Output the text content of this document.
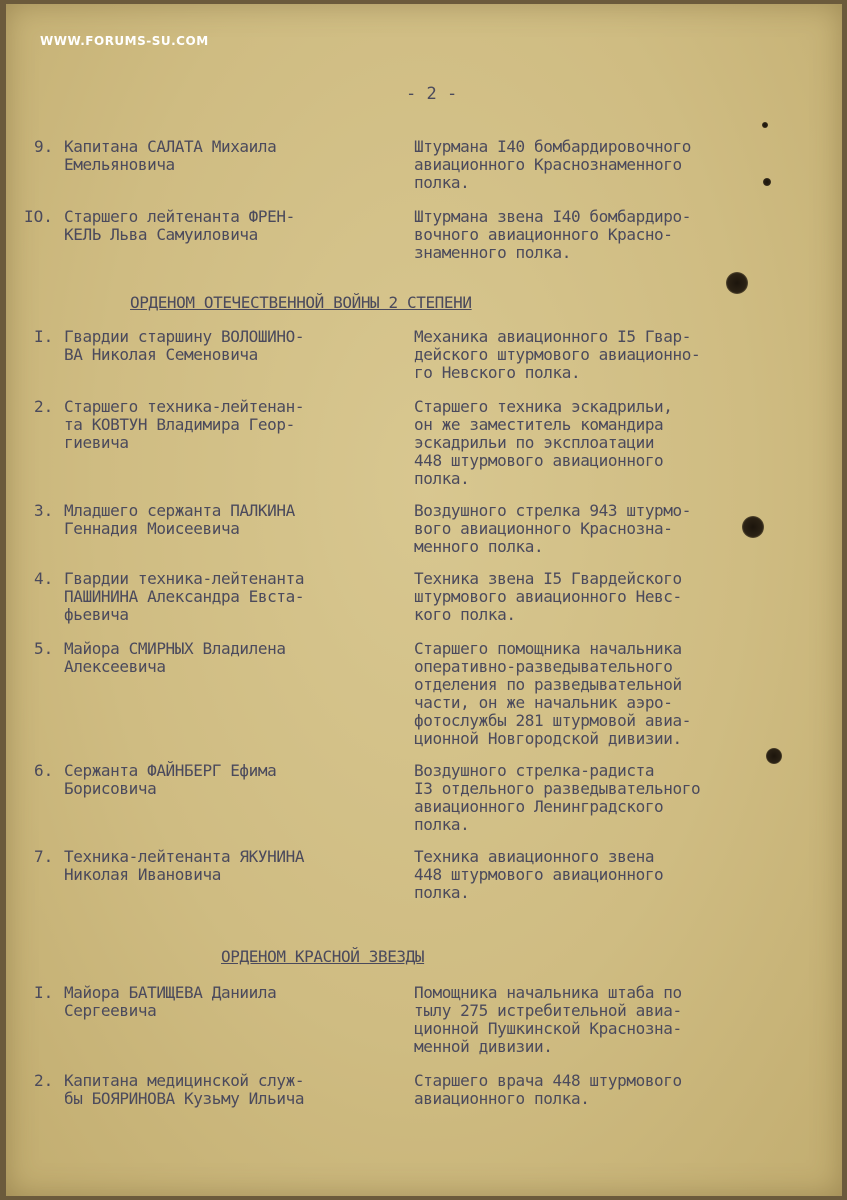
WWW.FORUMS-SU.COM
- 2 -
9. Капитана САЛАТА Михаила
Емельяновича
Штурмана I40 бомбардировочного
авиационного Краснознаменного
полка.
IO. Старшего лейтенанта ФРЕН-
КЕЛЬ Льва Самуиловича
Штурмана звена I40 бомбардиро-
вочного авиационного Красно-
знаменного полка.
ОРДЕНОМ ОТЕЧЕСТВЕННОЙ ВОЙНЫ 2 СТЕПЕНИ
I. Гвардии старшину ВОЛОШИНО-
ВА Николая Семеновича
Механика авиационного I5 Гвар-
дейского штурмового авиационно-
го Невского полка.
2. Старшего техника-лейтенан-
та КОВТУН Владимира Геор-
гиевича
Старшего техника эскадрильи,
он же заместитель командира
эскадрильи по эксплоатации
448 штурмового авиационного
полка.
3. Младшего сержанта ПАЛКИНА
Геннадия Моисеевича
Воздушного стрелка 943 штурмо-
вого авиационного Краснозна-
менного полка.
4. Гвардии техника-лейтенанта
ПАШИНИНА Александра Евста-
фьевича
Техника звена I5 Гвардейского
штурмового авиационного Невс-
кого полка.
5. Майора СМИРНЫХ Владилена
Алексеевича
Старшего помощника начальника
оперативно-разведывательного
отделения по разведывательной
части, он же начальник аэро-
фотослужбы 281 штурмовой авиа-
ционной Новгородской дивизии.
6. Сержанта ФАЙНБЕРГ Ефима
Борисовича
Воздушного стрелка-радиста
I3 отдельного разведывательного
авиационного Ленинградского
полка.
7. Техника-лейтенанта ЯКУНИНА
Николая Ивановича
Техника авиационного звена
448 штурмового авиационного
полка.
ОРДЕНОМ КРАСНОЙ ЗВЕЗДЫ
I. Майора БАТИЩЕВА Даниила
Сергеевича
Помощника начальника штаба по
тылу 275 истребительной авиа-
ционной Пушкинской Краснозна-
менной дивизии.
2. Капитана медицинской служ-
бы БОЯРИНОВА Кузьму Ильича
Старшего врача 448 штурмового
авиационного полка.
